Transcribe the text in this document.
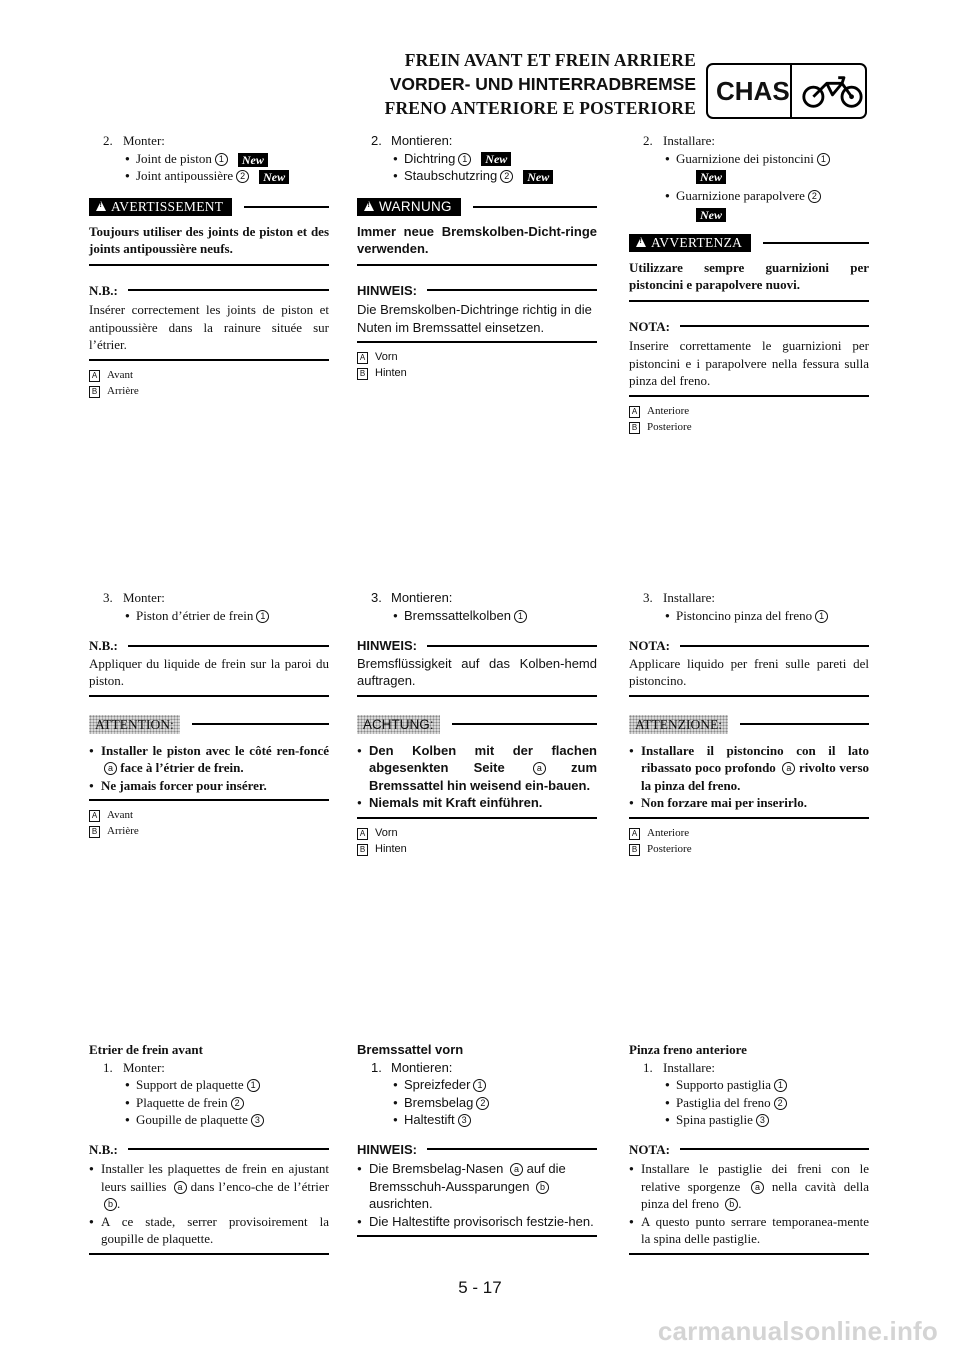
FREIN AVANT ET FREIN ARRIERE
VORDER- UND HINTERRADBREMSE
FRENO ANTERIORE E POSTERIORE
CHAS
2. Monter:
● Joint de piston 1 New
● Joint antipoussière 2 New
!
AVERTISSEMENT
Toujours utiliser des joints de piston et des joints antipoussière neufs.
N.B.:
Insérer correctement les joints de piston et antipoussière dans la rainure située sur l’étrier.
A Avant
B Arrière
3. Monter:
● Piston d’étrier de frein 1
N.B.:
Appliquer du liquide de frein sur la paroi du piston.
ATTENTION:
● Installer le piston avec le côté ren-foncé a face à l’étrier de frein.
● Ne jamais forcer pour insérer.
A Avant
B Arrière
Etrier de frein avant
1. Monter:
● Support de plaquette 1
● Plaquette de frein 2
● Goupille de plaquette 3
N.B.:
● Installer les plaquettes de frein en ajustant leurs saillies a dans l’enco-che de l’étrier b .
● A ce stade, serrer provisoirement la goupille de plaquette.
2. Montieren:
● Dichtring 1 New
● Staubschutzring 2 New
!
WARNUNG
Immer neue Bremskolben-Dicht-ringe verwenden.
HINWEIS:
Die Bremskolben-Dichtringe richtig in die Nuten im Bremssattel einsetzen.
A Vorn
B Hinten
3. Montieren:
● Bremssattelkolben 1
HINWEIS:
Bremsflüssigkeit auf das Kolben-hemd auftragen.
ACHTUNG:
● Den Kolben mit der flachen abgesenkten Seite	a zum Bremssattel hin weisend ein-bauen.
● Niemals mit Kraft einführen.
A Vorn
B Hinten
Bremssattel vorn
1. Montieren:
● Spreizfeder 1
● Bremsbelag 2
● Haltestift 3
HINWEIS:
● Die Bremsbelag-Nasen a auf die Bremsschuh-Aussparungen b ausrichten.
● Die Haltestifte provisorisch festzie-hen.
2. Installare:
● Guarnizione dei pistoncini 1
New
● Guarnizione parapolvere 2
New
!
AVVERTENZA
Utilizzare sempre guarnizioni per pistoncini e parapolvere nuovi.
NOTA:
Inserire correttamente le guarnizioni per pistoncini e i parapolvere nella fessura sulla pinza del freno.
A Anteriore
B Posteriore
3. Installare:
● Pistoncino pinza del freno 1
NOTA:
Applicare liquido per freni sulle pareti del pistoncino.
ATTENZIONE:
● Installare il pistoncino con il lato ribassato poco profondo a rivolto verso la pinza del freno.
● Non forzare mai per inserirlo.
A Anteriore
B Posteriore
Pinza freno anteriore
1. Installare:
● Supporto pastiglia 1
● Pastiglia del freno 2
● Spina pastiglie 3
NOTA:
● Installare le pastiglie dei freni con le relative sporgenze a nella cavità della pinza del freno b .
● A questo punto serrare temporanea-mente la spina delle pastiglie.
5 - 17
carmanualsonline.info
